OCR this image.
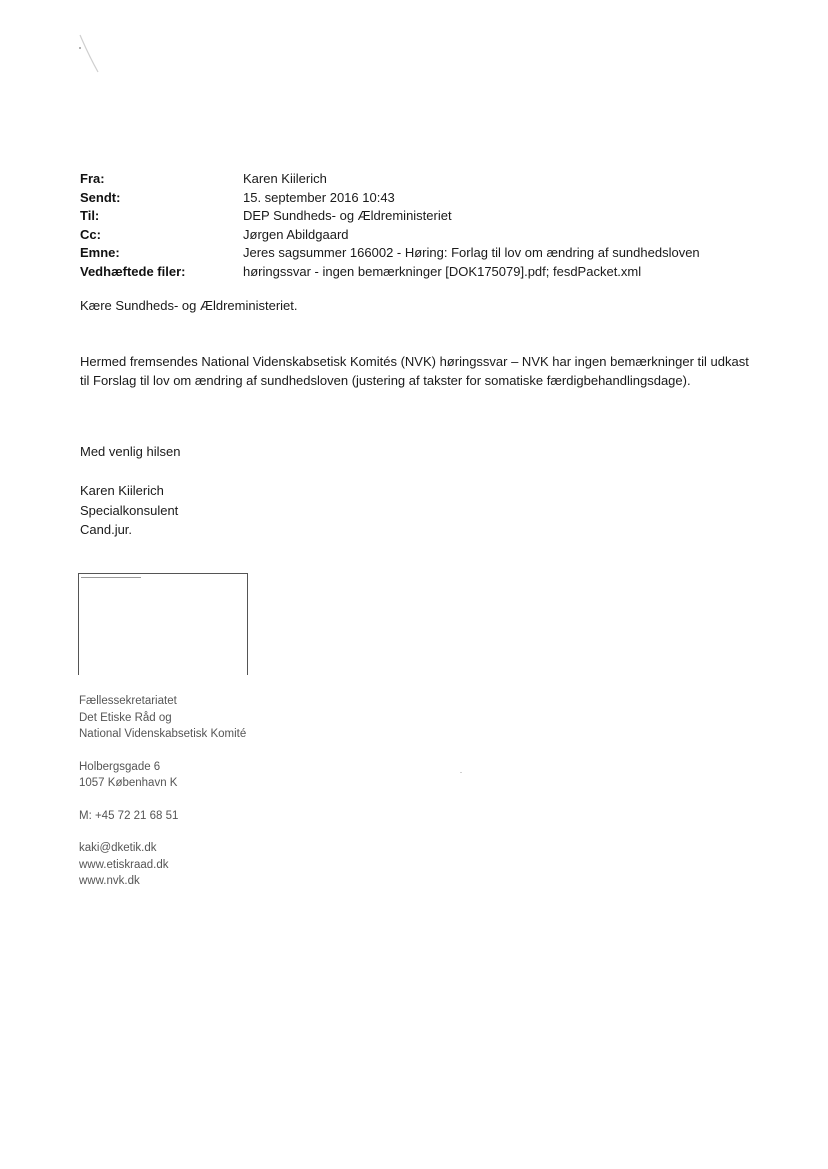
Fra:	Karen Kiilerich
Sendt:	15. september 2016 10:43
Til:	DEP Sundheds- og Ældreministeriet
Cc:	Jørgen Abildgaard
Emne:	Jeres sagsummer 166002 - Høring: Forlag til lov om ændring af sundhedsloven
Vedhæftede filer:	høringssvar - ingen bemærkninger [DOK175079].pdf; fesdPacket.xml
Kære Sundheds- og Ældreministeriet.
Hermed fremsendes National Videnskabsetisk Komités (NVK) høringssvar – NVK har ingen bemærkninger til udkast til Forslag til lov om ændring af sundhedsloven (justering af takster for somatiske færdigbehandlingsdage).
Med venlig hilsen
Karen Kiilerich
Specialkonsulent
Cand.jur.
Fællessekretariatet
Det Etiske Råd og
National Videnskabsetisk Komité
Holbergsgade 6
1057 København K
M: +45 72 21 68 51
kaki@dketik.dk
www.etiskraad.dk
www.nvk.dk
